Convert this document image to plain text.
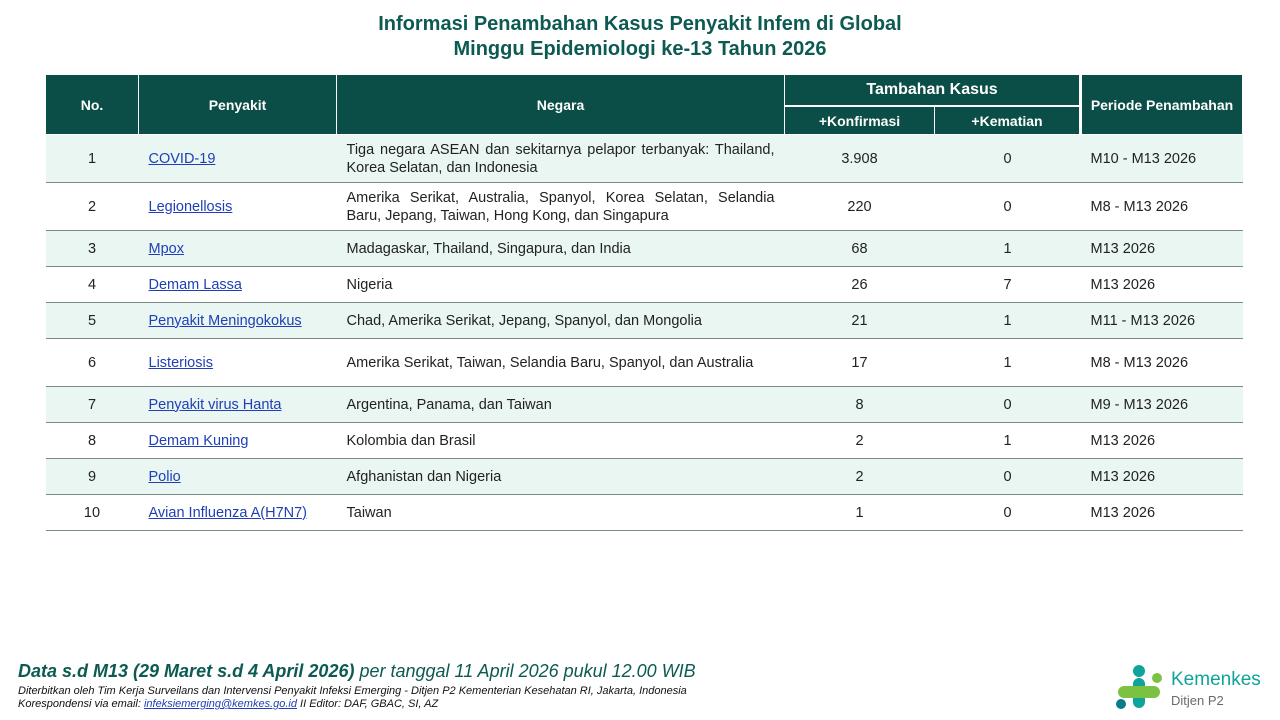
Informasi Penambahan Kasus Penyakit Infem di Global
Minggu Epidemiologi ke-13 Tahun 2026
No.	Penyakit	Negara	Tambahan Kasus		Periode Penambahan
			+Konfirmasi	+Kematian	
1	COVID-19	Tiga negara ASEAN dan sekitarnya pelapor terbanyak: Thailand, Korea Selatan, dan Indonesia	3.908	0	M10 - M13 2026
2	Legionellosis	Amerika Serikat, Australia, Spanyol, Korea Selatan, Selandia Baru, Jepang, Taiwan, Hong Kong, dan Singapura	220	0	M8 - M13 2026
3	Mpox	Madagaskar, Thailand, Singapura, dan India	68	1	M13 2026
4	Demam Lassa	Nigeria	26	7	M13 2026
5	Penyakit Meningokokus	Chad, Amerika Serikat, Jepang, Spanyol, dan Mongolia	21	1	M11 - M13 2026
6	Listeriosis	Amerika Serikat, Taiwan, Selandia Baru, Spanyol, dan Australia	17	1	M8 - M13 2026
7	Penyakit virus Hanta	Argentina, Panama, dan Taiwan	8	0	M9 - M13 2026
8	Demam Kuning	Kolombia dan Brasil	2	1	M13 2026
9	Polio	Afghanistan dan Nigeria	2	0	M13 2026
10	Avian Influenza A(H7N7)	Taiwan	1	0	M13 2026
Data s.d M13 (29 Maret s.d 4 April 2026) per tanggal 11 April 2026 pukul 12.00 WIB
Diterbitkan oleh Tim Kerja Surveilans dan Intervensi Penyakit Infeksi Emerging - Ditjen P2 Kementerian Kesehatan RI, Jakarta, Indonesia
Korespondensi via email: infeksiemerging@kemkes.go.id II Editor: DAF, GBAC, SI, AZ
Kemenkes
Ditjen P2
